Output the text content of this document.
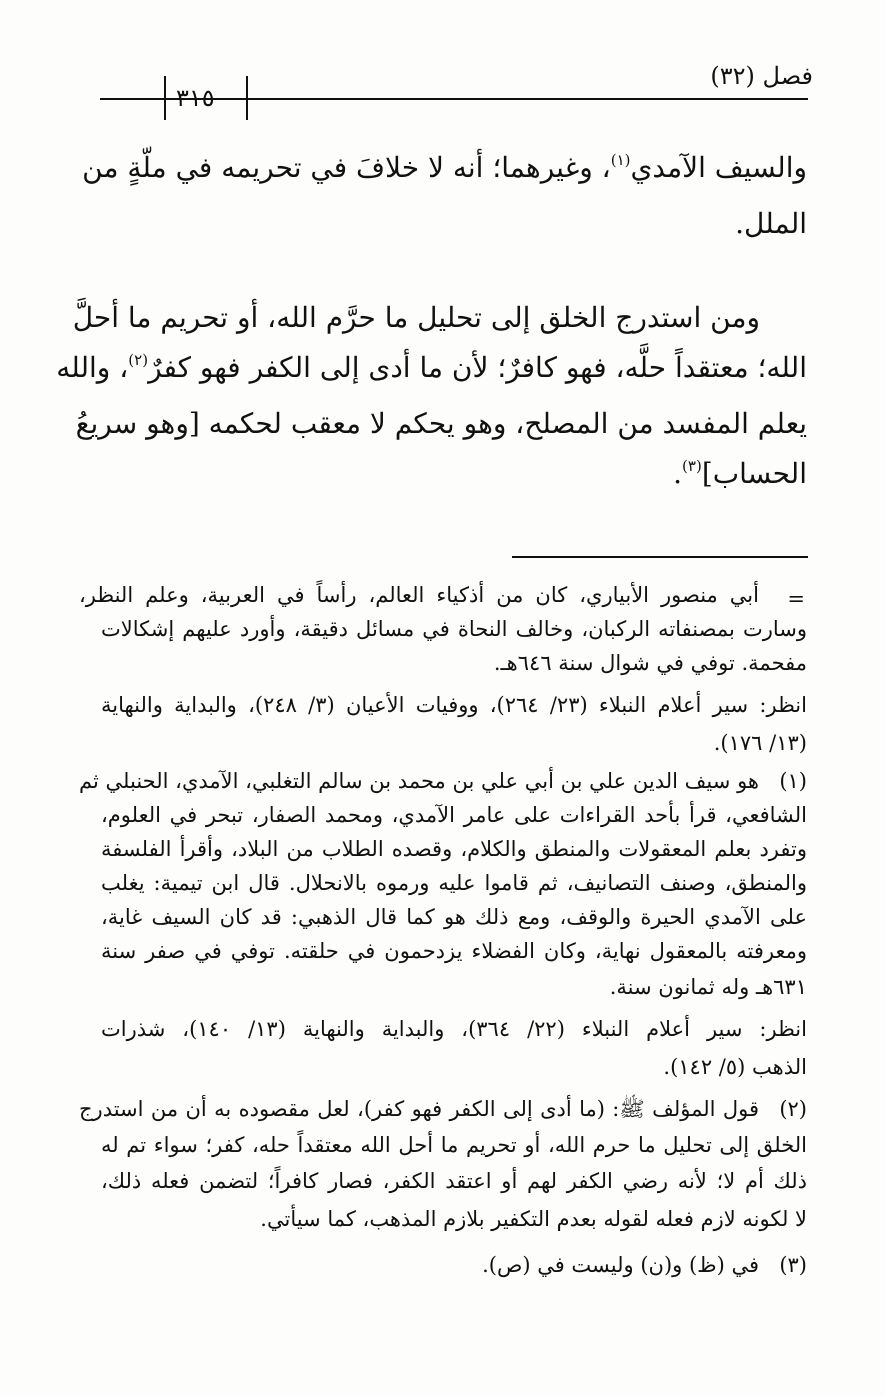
فصل (٣٢)
٣١٥
والسيف الآمدي$^{(١)}$، وغيرهما؛ أنه لا خلافَ في تحريمه في ملّةٍ من
الملل.
ومن استدرج الخلق إلى تحليل ما حرَّم الله، أو تحريم ما أحلَّ
الله؛ معتقداً حلَّه، فهو كافرٌ؛ لأن ما أدى إلى الكفر فهو كفرٌ$^{(٢)}$، والله
يعلم المفسد من المصلح، وهو يحكم لا معقب لحكمه [وهو سريعُ
الحساب]$^{(٣)}$.
=
أبي منصور الأبياري، كان من أذكياء العالم، رأساً في العربية، وعلم النظر،
وسارت بمصنفاته الركبان، وخالف النحاة في مسائل دقيقة، وأورد عليهم إشكالات
مفحمة. توفي في شوال سنة ٦٤٦هـ.
انظر: سير أعلام النبلاء (٢٣/ ٢٦٤)، ووفيات الأعيان (٣/ ٢٤٨)، والبداية والنهاية
(١٣/ ١٧٦).
(١)
هو سيف الدين علي بن أبي علي بن محمد بن سالم التغلبي، الآمدي، الحنبلي ثم
الشافعي، قرأ بأحد القراءات على عامر الآمدي، ومحمد الصفار، تبحر في العلوم،
وتفرد بعلم المعقولات والمنطق والكلام، وقصده الطلاب من البلاد، وأقرأ الفلسفة
والمنطق، وصنف التصانيف، ثم قاموا عليه ورموه بالانحلال. قال ابن تيمية: يغلب
على الآمدي الحيرة والوقف، ومع ذلك هو كما قال الذهبي: قد كان السيف غاية،
ومعرفته بالمعقول نهاية، وكان الفضلاء يزدحمون في حلقته. توفي في صفر سنة
٦٣١هـ وله ثمانون سنة.
انظر: سير أعلام النبلاء (٢٢/ ٣٦٤)، والبداية والنهاية (١٣/ ١٤٠)، شذرات
الذهب (٥/ ١٤٢).
(٢)
قول المؤلف ﷺ: (ما أدى إلى الكفر فهو كفر)، لعل مقصوده به أن من استدرج
الخلق إلى تحليل ما حرم الله، أو تحريم ما أحل الله معتقداً حله، كفر؛ سواء تم له
ذلك أم لا؛ لأنه رضي الكفر لهم أو اعتقد الكفر، فصار كافراً؛ لتضمن فعله ذلك،
لا لكونه لازم فعله لقوله بعدم التكفير بلازم المذهب، كما سيأتي.
(٣)
في (ظ) و(ن) وليست في (ص).
